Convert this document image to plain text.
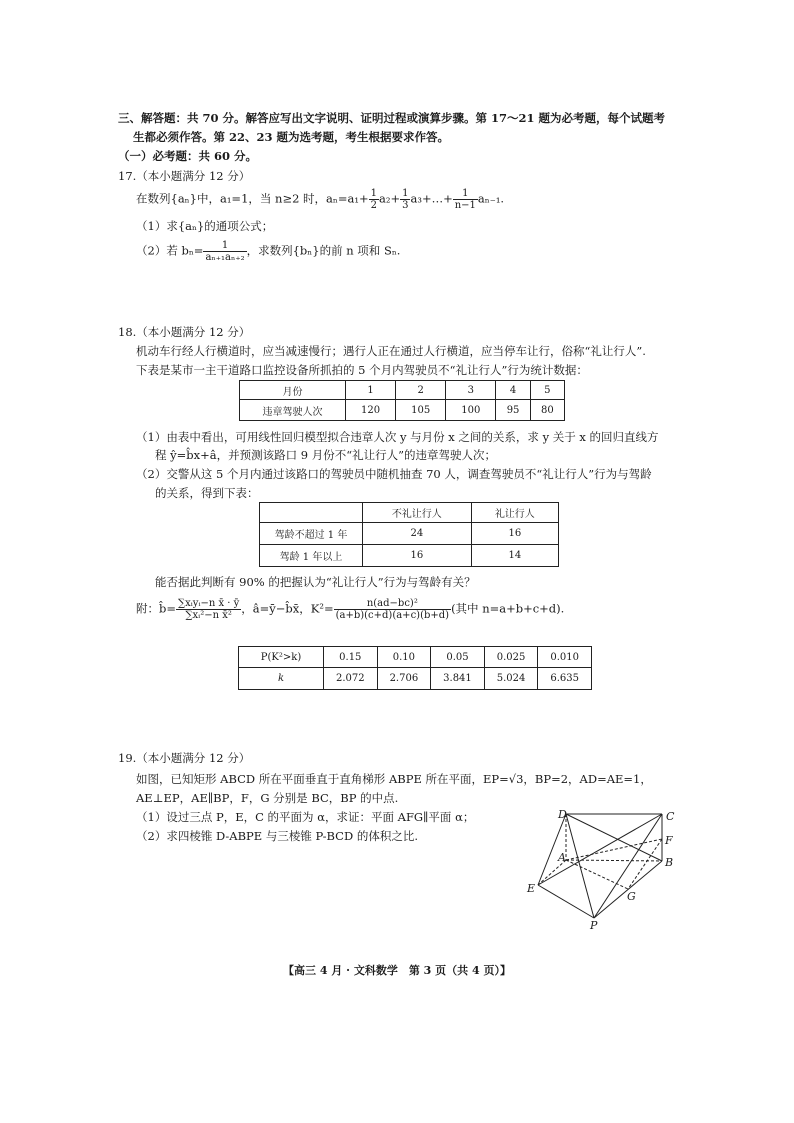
三、解答题：共 70 分。解答应写出文字说明、证明过程或演算步骤。第 17～21 题为必考题，每个试题考
生都必须作答。第 22、23 题为选考题，考生根据要求作答。
（一）必考题：共 60 分。
17.（本小题满分 12 分）
在数列{aₙ}中，a₁=1，当 n≥2 时，$a_n=a_1+ \frac{1}{2} a_2+ \frac{1}{3}$ a₃+…+ $\frac{1}{n-1} a_{n-1}$.
（1）求{aₙ}的通项公式；
（2）若 $b_n= \frac{1}{\text{aₙ₊₁aₙ₊₂}}$ ，求数列{bₙ}的前 n 项和 Sₙ.
18.（本小题满分 12 分）
机动车行经人行横道时，应当减速慢行；遇行人正在通过人行横道，应当停车让行，俗称“礼让行人”.
下表是某市一主干道路口监控设备所抓拍的 5 个月内驾驶员不“礼让行人”行为统计数据：
月份	1	2	3	4	5
违章驾驶人次	120	105	100	95	80
（1）由表中看出，可用线性回归模型拟合违章人次 y 与月份 x 之间的关系，求 y 关于 x 的回归直线方
程 ŷ=b̂x+â，并预测该路口 9 月份不“礼让行人”的违章驾驶人次；
（2）交警从这 5 个月内通过该路口的驾驶员中随机抽查 70 人，调查驾驶员不“礼让行人”行为与驾龄
的关系，得到下表：
	不礼让行人	礼让行人
驾龄不超过 1 年	24	16
驾龄 1 年以上	16	14
能否据此判断有 90% 的把握认为“礼让行人”行为与驾龄有关？
附：b̂= $\frac{\text{∑xᵢyᵢ−n x̄ · ȳ}}{\text{∑xᵢ²−n x̄²}}$ ，â=ȳ−b̂x̄，$K^2= \frac{\text{n(ad−bc)²}}{(a+b)(c+d)(a+c)(b+d)}$ (其中 n=a+b+c+d).
P(K²>k)	0.15	0.10	0.05	0.025	0.010
k	2.072	2.706	3.841	5.024	6.635
19.（本小题满分 12 分）
如图，已知矩形 ABCD 所在平面垂直于直角梯形 ABPE 所在平面，EP=√3，BP=2，AD=AE=1，
AE⊥EP，AE∥BP，F，G 分别是 BC，BP 的中点.
（1）设过三点 P，E，C 的平面为 α，求证：平面 AFG∥平面 α；
（2）求四棱锥 D-ABPE 与三棱锥 P-BCD 的体积之比.
D	C
F
A	B
E
G
P
【高三 4 月 · 文科数学　第 3 页（共 4 页）】
